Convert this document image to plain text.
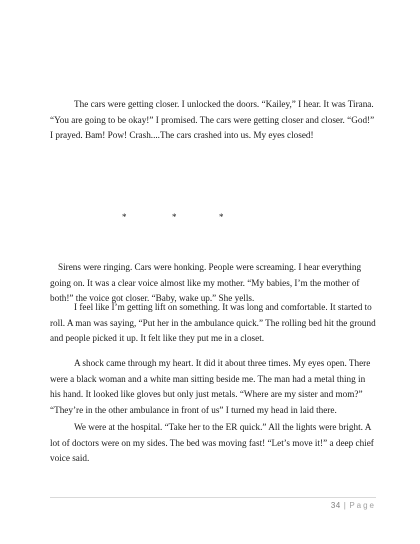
The cars were getting closer. I unlocked the doors. “Kailey,” I hear. It was Tirana. “You are going to be okay!” I promised. The cars were getting closer and closer. “God!” I prayed. Bam! Pow! Crash....The cars crashed into us. My eyes closed!

*	*	*

Sirens were ringing. Cars were honking. People were screaming. I hear everything going on. It was a clear voice almost like my mother. “My babies, I’m the mother of both!” the voice got closer. “Baby, wake up.” She yells.

I feel like I’m getting lift on something. It was long and comfortable. It started to roll. A man was saying, “Put her in the ambulance quick.” The rolling bed hit the ground and people picked it up. It felt like they put me in a closet.

A shock came through my heart. It did it about three times. My eyes open. There were a black woman and a white man sitting beside me. The man had a metal thing in his hand. It looked like gloves but only just metals. “Where are my sister and mom?” “They’re in the other ambulance in front of us” I turned my head in laid there.

We were at the hospital. “Take her to the ER quick.” All the lights were bright. A lot of doctors were on my sides. The bed was moving fast! “Let’s move it!” a deep chief voice said.

34 | Page
